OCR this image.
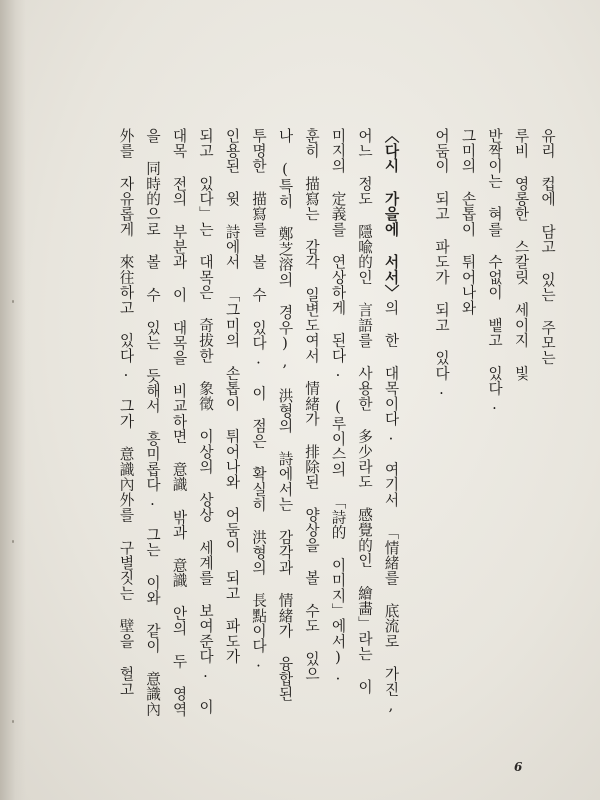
유리 컵에 담고 있는 주모는
루비 영롱한 스칼릿 세이지 빛
반짝이는 혀를 수없이 뱉고 있다.
그미의 손톱이 튀어나와
어둠이 되고 파도가 되고 있다.
〈다시 가을에 서서〉의 한 대목이다. 여기서 「情緒를 底流로 가진,
어느 정도 隱喩的인 言語를 사용한 多少라도 感覺的인 繪畵」라는 이
미지의 定義를 연상하게 된다. (루이스의 「詩的 이미지」에서).
훈히 描寫는 감각 일변도여서 情緒가 排除된 양상을 볼 수도 있으
나 (특히 鄭芝溶의 경우), 洪형의 詩에서는 감각과 情緒가 융합된
투명한 描寫를 볼 수 있다. 이 점은 확실히 洪형의 長點이다.
인용된 윗 詩에서 「그미의 손톱이 튀어나와 어둠이 되고 파도가
되고 있다」는 대목은 奇拔한 象徵 이상의 상상 세계를 보여준다. 이
대목 전의 부분과 이 대목을 비교하면 意識 밖과 意識 안의 두 영역
을 同時的으로 볼 수 있는 듯해서 흥미롭다. 그는 이와 같이 意識內
外를 자유롭게 來往하고 있다. 그가 意識內外를 구별짓는 壁을 헐고
6
